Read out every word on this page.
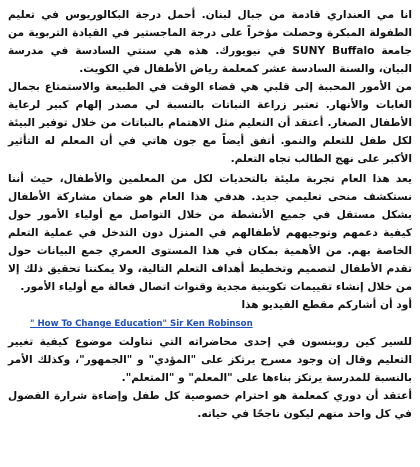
انا مي العنداري قادمة من جبال لبنان. أحمل درجة البكالوريوس في تعليم الطفولة المبكرة وحصلت مؤخراً على درجة الماجستير في القيادة التربوية من جامعة SUNY Buffalo في نيويورك. هذه هي سنتي السادسة في مدرسة البيان، والسنة السادسة عشر كمعلمة رياض الأطفال في الكويت.

من الأمور المحببة إلى قلبي هي قضاء الوقت في الطبيعة والاستمتاع بجمال الغابات والأنهار. تعتبر زراعة النباتات بالنسبة لي مصدر إلهام كبير لرعاية الأطفال الصغار. أعتقد أن التعليم مثل الاهتمام بالنباتات من خلال توفير البيئة لكل طفل للتعلم والنمو. أتفق أيضاً مع جون هاتي في أن المعلم له التأثير الأكبر على نهج الطالب تجاه التعلم.

يعد هذا العام تجربة مليئة بالتحديات لكل من المعلمين والأطفال، حيث أننا نستكشف منحى تعليمي جديد. هدفي هذا العام هو ضمان مشاركة الأطفال بشكل مستقل في جميع الأنشطة من خلال التواصل مع أولياء الأمور حول كيفية دعمهم وتوجيههم لأطفالهم في المنزل دون التدخل في عملية التعلم الخاصة بهم. من الأهمية بمكان في هذا المستوى العمري جمع البيانات حول تقدم الأطفال لتصميم وتخطيط أهداف التعلم التالية، ولا يمكننا تحقيق ذلك إلا من خلال إنشاء تقييمات تكوينية مجدية وقنوات اتصال فعالة مع أولياء الأمور.

أود أن أشاركم مقطع الفيديو هذا

" How To Change Education" Sir Ken Robinson

للسير كين روبنسون في إحدى محاضراته التي تناولت موضوع كيفية تغيير التعليم وقال إن وجود مسرح يرتكز على "المؤدي" و "الجمهور"، وكذلك الأمر بالنسبة للمدرسة يرتكز بناءها على "المعلم" و "المتعلم".

أعتقد أن دوري كمعلمة هو احترام خصوصية كل طفل وإضاءة شرارة الفضول في كل واحد منهم ليكون ناجحًا في حياته.
